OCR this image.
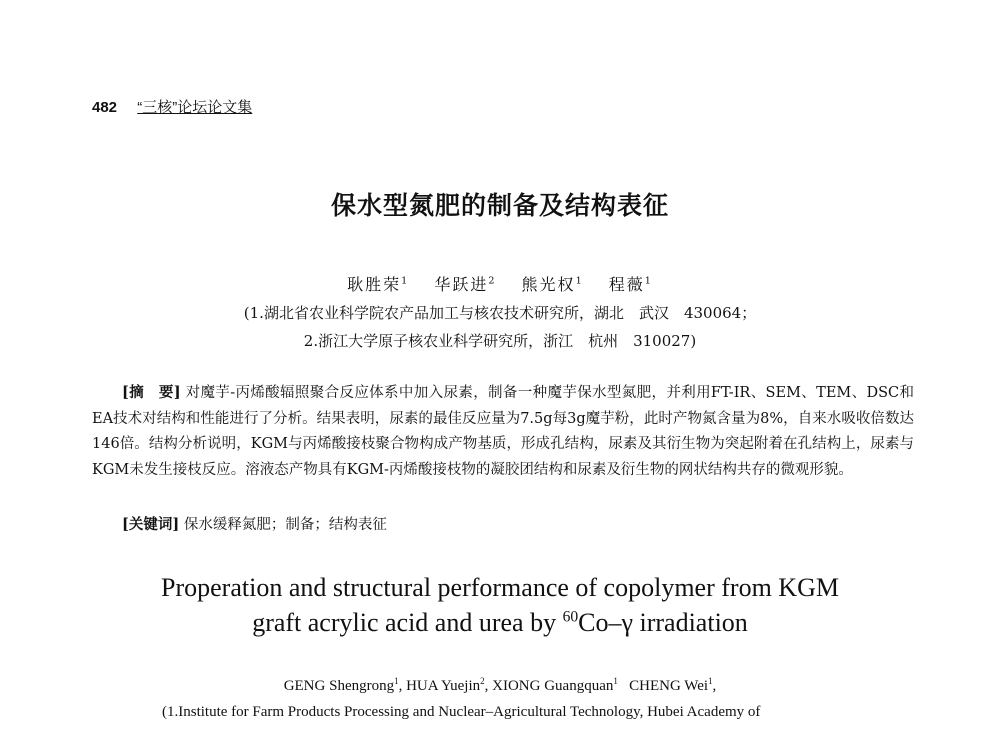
482 “三核”论坛论文集
保水型氮肥的制备及结构表征
耿胜荣$^1$　 华跃进$^2$　 熊光权$^1$　 程薇$^1$
(1.湖北省农业科学院农产品加工与核农技术研究所，湖北　武汉　430064；
2.浙江大学原子核农业科学研究所，浙江　杭州　310027)
[摘　要] 对魔芋-丙烯酸辐照聚合反应体系中加入尿素，制备一种魔芋保水型氮肥，并利用FT-IR、SEM、TEM、DSC和EA技术对结构和性能进行了分析。结果表明，尿素的最佳反应量为7.5g每3g魔芋粉，此时产物氮含量为8%，自来水吸收倍数达146倍。结构分析说明，KGM与丙烯酸接枝聚合物构成产物基质，形成孔结构，尿素及其衍生物为突起附着在孔结构上，尿素与KGM未发生接枝反应。溶液态产物具有KGM-丙烯酸接枝物的凝胶团结构和尿素及衍生物的网状结构共存的微观形貌。
[关键词] 保水缓释氮肥；制备；结构表征
Properation and structural performance of copolymer from KGM
graft acrylic acid and urea by $^{60}$Co–γ irradiation
GENG Shengrong$^1$, HUA Yuejin$^2$, XIONG Guangquan$^1$ CHENG Wei$^1$,
(1.Institute for Farm Products Processing and Nuclear–Agricultural Technology, Hubei Academy of
